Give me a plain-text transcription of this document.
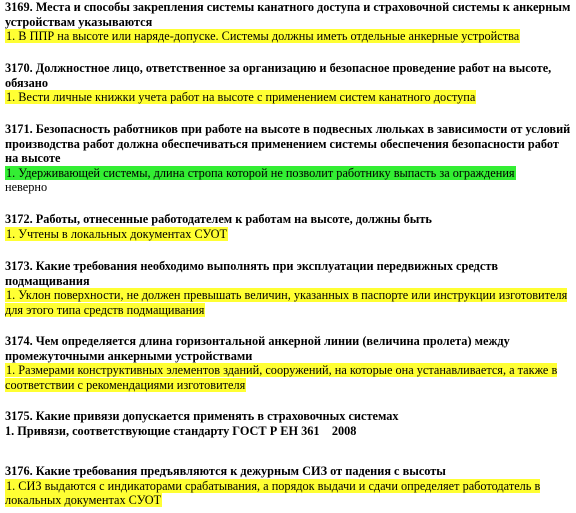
3169. Места и способы закрепления системы канатного доступа и страховочной системы к анкерным устройствам указываются

1. В ППР на высоте или наряде-допуске. Системы должны иметь отдельные анкерные устройства

3170. Должностное лицо, ответственное за организацию и безопасное проведение работ на высоте, обязано

1. Вести личные книжки учета работ на высоте с применением систем канатного доступа

3171. Безопасность работников при работе на высоте в подвесных люльках в зависимости от условий производства работ должна обеспечиваться применением системы обеспечения безопасности работ на высоте

1. Удерживающей системы, длина стропа которой не позволит работнику выпасть за ограждения

неверно

3172. Работы, отнесенные работодателем к работам на высоте, должны быть

1. Учтены в локальных документах СУОТ

3173. Какие требования необходимо выполнять при эксплуатации передвижных средств подмащивания

1. Уклон поверхности, не должен превышать величин, указанных в паспорте или инструкции изготовителя для этого типа средств подмащивания

3174. Чем определяется длина горизонтальной анкерной линии (величина пролета) между промежуточными анкерными устройствами

1. Размерами конструктивных элементов зданий, сооружений, на которые она устанавливается, а также в соответствии с рекомендациями изготовителя

3175. Какие привязи допускается применять в страховочных системах

1. Привязи, соответствующие стандарту ГОСТ Р ЕН 361    2008

3176. Какие требования предъявляются к дежурным СИЗ от падения с высоты

1. СИЗ выдаются с индикаторами срабатывания, а порядок выдачи и сдачи определяет работодатель в локальных документах СУОТ
